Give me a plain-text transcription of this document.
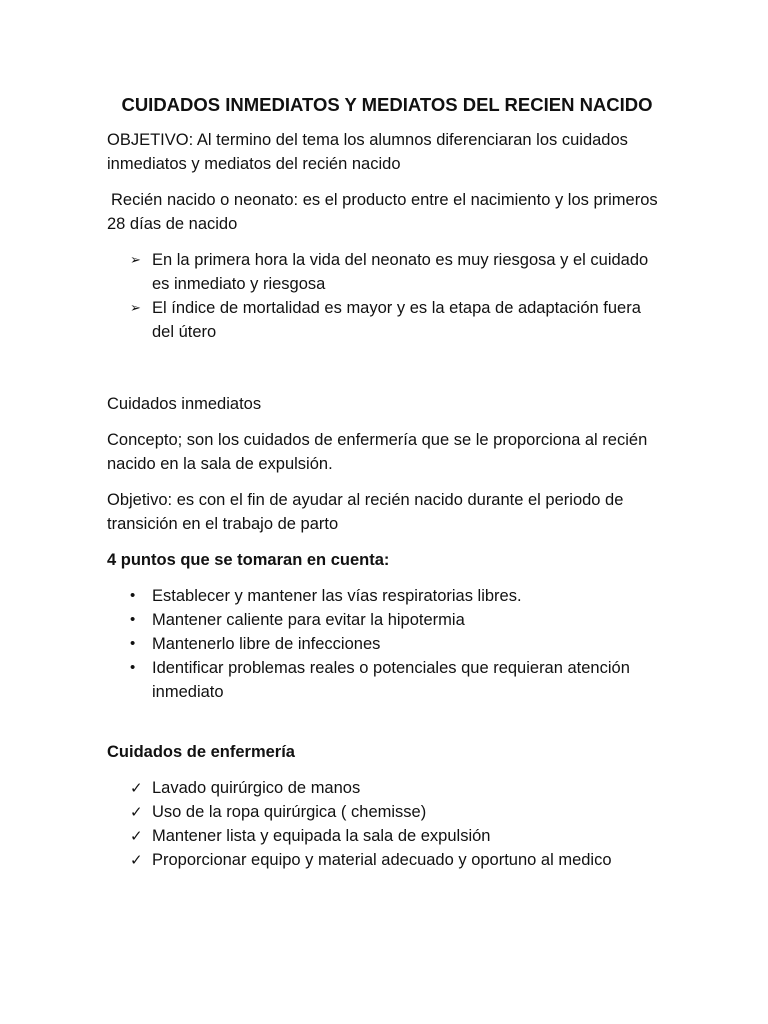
CUIDADOS INMEDIATOS Y MEDIATOS DEL RECIEN NACIDO

OBJETIVO: Al termino del tema los alumnos diferenciaran los cuidados inmediatos y mediatos del recién nacido

Recién nacido o neonato: es el producto entre el nacimiento y los primeros 28 días de nacido

➢ En la primera hora la vida del neonato es muy riesgosa y el cuidado es inmediato y riesgosa
➢ El índice de mortalidad es mayor y es la etapa de adaptación fuera del útero

Cuidados inmediatos

Concepto; son los cuidados de enfermería que se le proporciona al recién nacido en la sala de expulsión.

Objetivo: es con el fin de ayudar al recién nacido durante el periodo de transición en el trabajo de parto

4 puntos que se tomaran en cuenta:

•	Establecer y mantener las vías respiratorias libres.
•	Mantener caliente para evitar la hipotermia
•	Mantenerlo libre de infecciones
•	Identificar problemas reales o potenciales que requieran atención inmediato

Cuidados de enfermería

✓ Lavado quirúrgico de manos
✓ Uso de la ropa quirúrgica ( chemisse)
✓ Mantener lista y equipada la sala de expulsión
✓ Proporcionar equipo y material adecuado y oportuno al medico
